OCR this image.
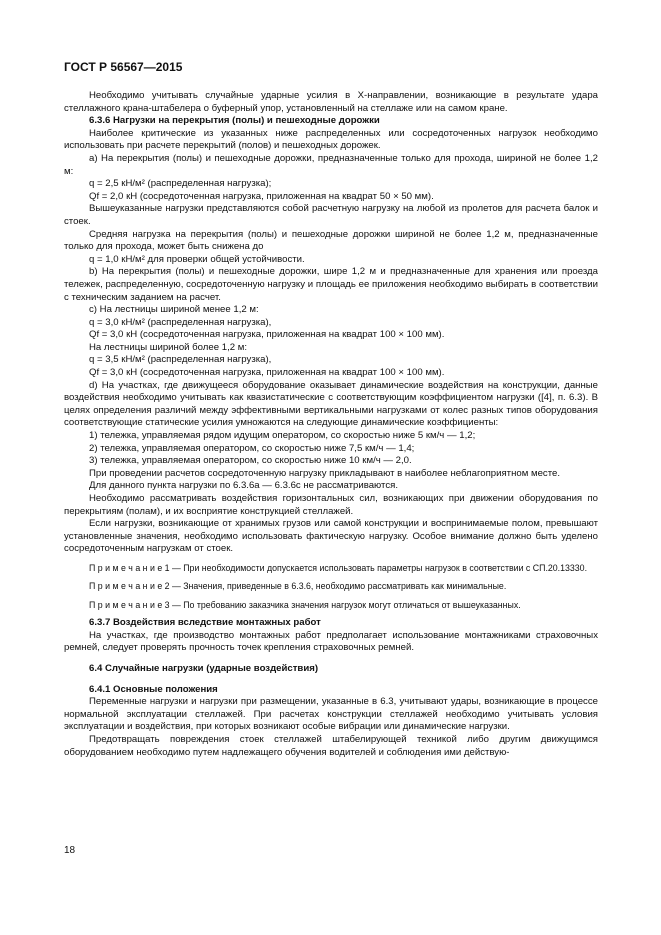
ГОСТ Р 56567—2015
Необходимо учитывать случайные ударные усилия в X-направлении, возникающие в результате удара стеллажного крана-штабелера о буферный упор, установленный на стеллаже или на самом кране.
6.3.6 Нагрузки на перекрытия (полы) и пешеходные дорожки
Наиболее критические из указанных ниже распределенных или сосредоточенных нагрузок необходимо использовать при расчете перекрытий (полов) и пешеходных дорожек.
a) На перекрытия (полы) и пешеходные дорожки, предназначенные только для прохода, шириной не более 1,2 м:
q = 2,5 кН/м² (распределенная нагрузка);
Qf = 2,0 кН (сосредоточенная нагрузка, приложенная на квадрат 50 × 50 мм).
Вышеуказанные нагрузки представляются собой расчетную нагрузку на любой из пролетов для расчета балок и стоек.
Средняя нагрузка на перекрытия (полы) и пешеходные дорожки шириной не более 1,2 м, предназначенные только для прохода, может быть снижена до
q = 1,0 кН/м² для проверки общей устойчивости.
b) На перекрытия (полы) и пешеходные дорожки, шире 1,2 м и предназначенные для хранения или проезда тележек, распределенную, сосредоточенную нагрузку и площадь ее приложения необходимо выбирать в соответствии с техническим заданием на расчет.
c) На лестницы шириной менее 1,2 м:
q = 3,0 кН/м² (распределенная нагрузка),
Qf = 3,0 кН (сосредоточенная нагрузка, приложенная на квадрат 100 × 100 мм).
На лестницы шириной более 1,2 м:
q = 3,5 кН/м² (распределенная нагрузка),
Qf = 3,0 кН (сосредоточенная нагрузка, приложенная на квадрат 100 × 100 мм).
d) На участках, где движущееся оборудование оказывает динамические воздействия на конструкции, данные воздействия необходимо учитывать как квазистатические с соответствующим коэффициентом нагрузки ([4], п. 6.3). В целях определения различий между эффективными вертикальными нагрузками от колес разных типов оборудования соответствующие статические усилия умножаются на следующие динамические коэффициенты:
1) тележка, управляемая рядом идущим оператором, со скоростью ниже 5 км/ч — 1,2;
2) тележка, управляемая оператором, со скоростью ниже 7,5 км/ч — 1,4;
3) тележка, управляемая оператором, со скоростью ниже 10 км/ч — 2,0.
При проведении расчетов сосредоточенную нагрузку прикладывают в наиболее неблагоприятном месте.
Для данного пункта нагрузки по 6.3.6a — 6.3.6c не рассматриваются.
Необходимо рассматривать воздействия горизонтальных сил, возникающих при движении оборудования по перекрытиям (полам), и их восприятие конструкцией стеллажей.
Если нагрузки, возникающие от хранимых грузов или самой конструкции и воспринимаемые полом, превышают установленные значения, необходимо использовать фактическую нагрузку. Особое внимание должно быть уделено сосредоточенным нагрузкам от стоек.
П р и м е ч а н и е 1 — При необходимости допускается использовать параметры нагрузок в соответствии с СП.20.13330.
П р и м е ч а н и е 2 — Значения, приведенные в 6.3.6, необходимо рассматривать как минимальные.
П р и м е ч а н и е 3 — По требованию заказчика значения нагрузок могут отличаться от вышеуказанных.
6.3.7 Воздействия вследствие монтажных работ
На участках, где производство монтажных работ предполагает использование монтажниками страховочных ремней, следует проверять прочность точек крепления страховочных ремней.
6.4 Случайные нагрузки (ударные воздействия)
6.4.1 Основные положения
Переменные нагрузки и нагрузки при размещении, указанные в 6.3, учитывают удары, возникающие в процессе нормальной эксплуатации стеллажей. При расчетах конструкции стеллажей необходимо учитывать условия эксплуатации и воздействия, при которых возникают особые вибрации или динамические нагрузки.
Предотвращать повреждения стоек стеллажей штабелирующей техникой либо другим движущимся оборудованием необходимо путем надлежащего обучения водителей и соблюдения ими действую-
18
